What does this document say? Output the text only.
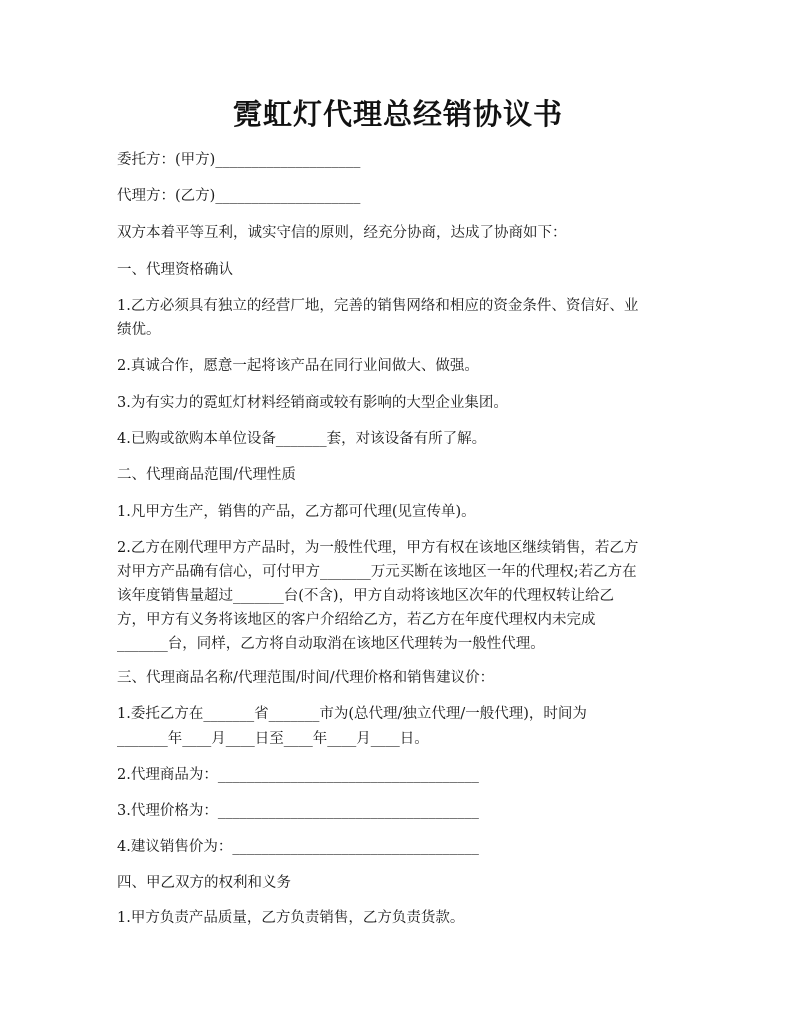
霓虹灯代理总经销协议书

委托方：(甲方)____________________

代理方：(乙方)____________________

双方本着平等互利，诚实守信的原则，经充分协商，达成了协商如下：

一、代理资格确认

1.乙方必须具有独立的经营厂地，完善的销售网络和相应的资金条件、资信好、业

绩优。

2.真诚合作，愿意一起将该产品在同行业间做大、做强。

3.为有实力的霓虹灯材料经销商或较有影响的大型企业集团。

4.已购或欲购本单位设备_______套，对该设备有所了解。

二、代理商品范围/代理性质

1.凡甲方生产，销售的产品，乙方都可代理(见宣传单)。

2.乙方在刚代理甲方产品时，为一般性代理，甲方有权在该地区继续销售，若乙方

对甲方产品确有信心，可付甲方_______万元买断在该地区一年的代理权;若乙方在

该年度销售量超过_______台(不含)，甲方自动将该地区次年的代理权转让给乙

方，甲方有义务将该地区的客户介绍给乙方，若乙方在年度代理权内未完成

_______台，同样，乙方将自动取消在该地区代理转为一般性代理。

三、代理商品名称/代理范围/时间/代理价格和销售建议价：

1.委托乙方在_______省_______市为(总代理/独立代理/一般代理)，时间为

_______年____月____日至____年____月____日。

2.代理商品为：____________________________________

3.代理价格为：____________________________________

4.建议销售价为：__________________________________

四、甲乙双方的权利和义务

1.甲方负责产品质量，乙方负责销售，乙方负责货款。
